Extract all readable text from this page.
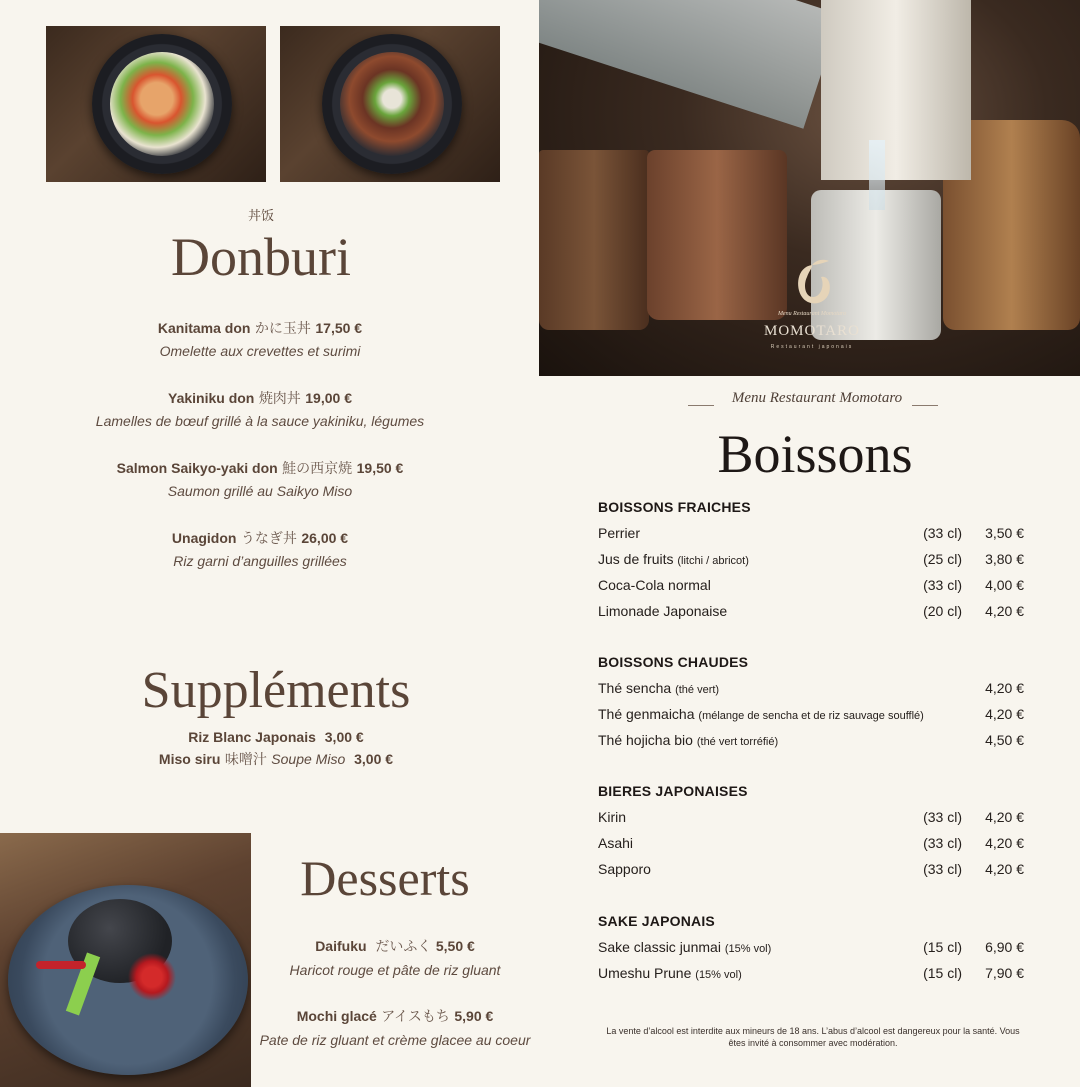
丼饭
Donburi
Kanitama don かに玉丼 17,50 €
Omelette aux crevettes et surimi
Yakiniku don 焼肉丼 19,00 €
Lamelles de bœuf grillé à la sauce yakiniku, légumes
Salmon Saikyo-yaki don 鮭の西京焼 19,50 €
Saumon grillé au Saikyo Miso
Unagidon うなぎ丼 26,00 €
Riz garni d’anguilles grillées
Suppléments
Riz Blanc Japonais 3,00 €
Miso siru 味噌汁 Soupe Miso 3,00 €
Desserts
Daifuku だいふく 5,50 €
Haricot rouge et pâte de riz gluant
Mochi glacé アイスもち 5,90 €
Pate de riz gluant et crème glacee au coeur
Menu Restaurant Momotaro
MOMOTARO
Restaurant japonais
Menu Restaurant Momotaro
Boissons
BOISSONS FRAICHES
Perrier	(33 cl) 3,50 €
Jus de fruits (litchi / abricot)	(25 cl) 3,80 €
Coca-Cola normal	(33 cl) 4,00 €
Limonade Japonaise	(20 cl) 4,20 €
BOISSONS CHAUDES
Thé sencha (thé vert)	4,20 €
Thé genmaicha (mélange de sencha et de riz sauvage soufflé)	4,20 €
Thé hojicha bio (thé vert torréfié)	4,50 €
BIERES JAPONAISES
Kirin	(33 cl) 4,20 €
Asahi	(33 cl) 4,20 €
Sapporo	(33 cl) 4,20 €
SAKE JAPONAIS
Sake classic junmai (15% vol)	(15 cl) 6,90 €
Umeshu Prune (15% vol)	(15 cl) 7,90 €
La vente d’alcool est interdite aux mineurs de 18 ans. L’abus d’alcool est dangereux pour la santé. Vous êtes invité à consommer avec modération.
